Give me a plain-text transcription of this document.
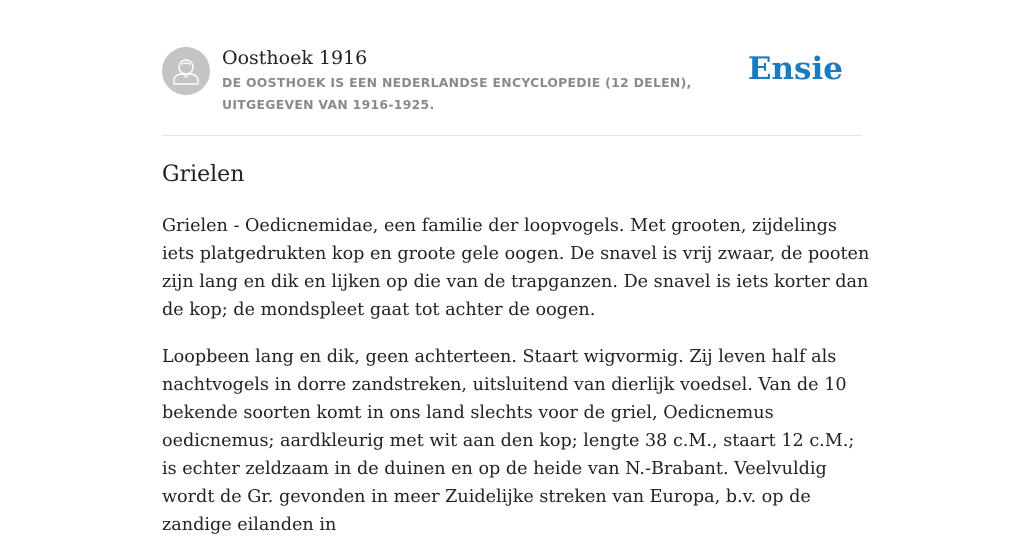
Oosthoek 1916
DE OOSTHOEK IS EEN NEDERLANDSE ENCYCLOPEDIE (12 DELEN), UITGEGEVEN VAN 1916-1925.
Ensie
Grielen

Grielen - Oedicnemidae, een familie der loopvogels. Met grooten, zijdelings iets platgedrukten kop en groote gele oogen. De snavel is vrij zwaar, de pooten zijn lang en dik en lijken op die van de trapganzen. De snavel is iets korter dan de kop; de mondspleet gaat tot achter de oogen.

Loopbeen lang en dik, geen achterteen. Staart wigvormig. Zij leven half als nachtvogels in dorre zandstreken, uitsluitend van dierlijk voedsel. Van de 10 bekende soorten komt in ons land slechts voor de griel, Oedicnemus oedicnemus; aardkleurig met wit aan den kop; lengte 38 c.M., staart 12 c.M.; is echter zeldzaam in de duinen en op de heide van N.-Brabant. Veelvuldig wordt de Gr. gevonden in meer Zuidelijke streken van Europa, b.v. op de zandige eilanden in
